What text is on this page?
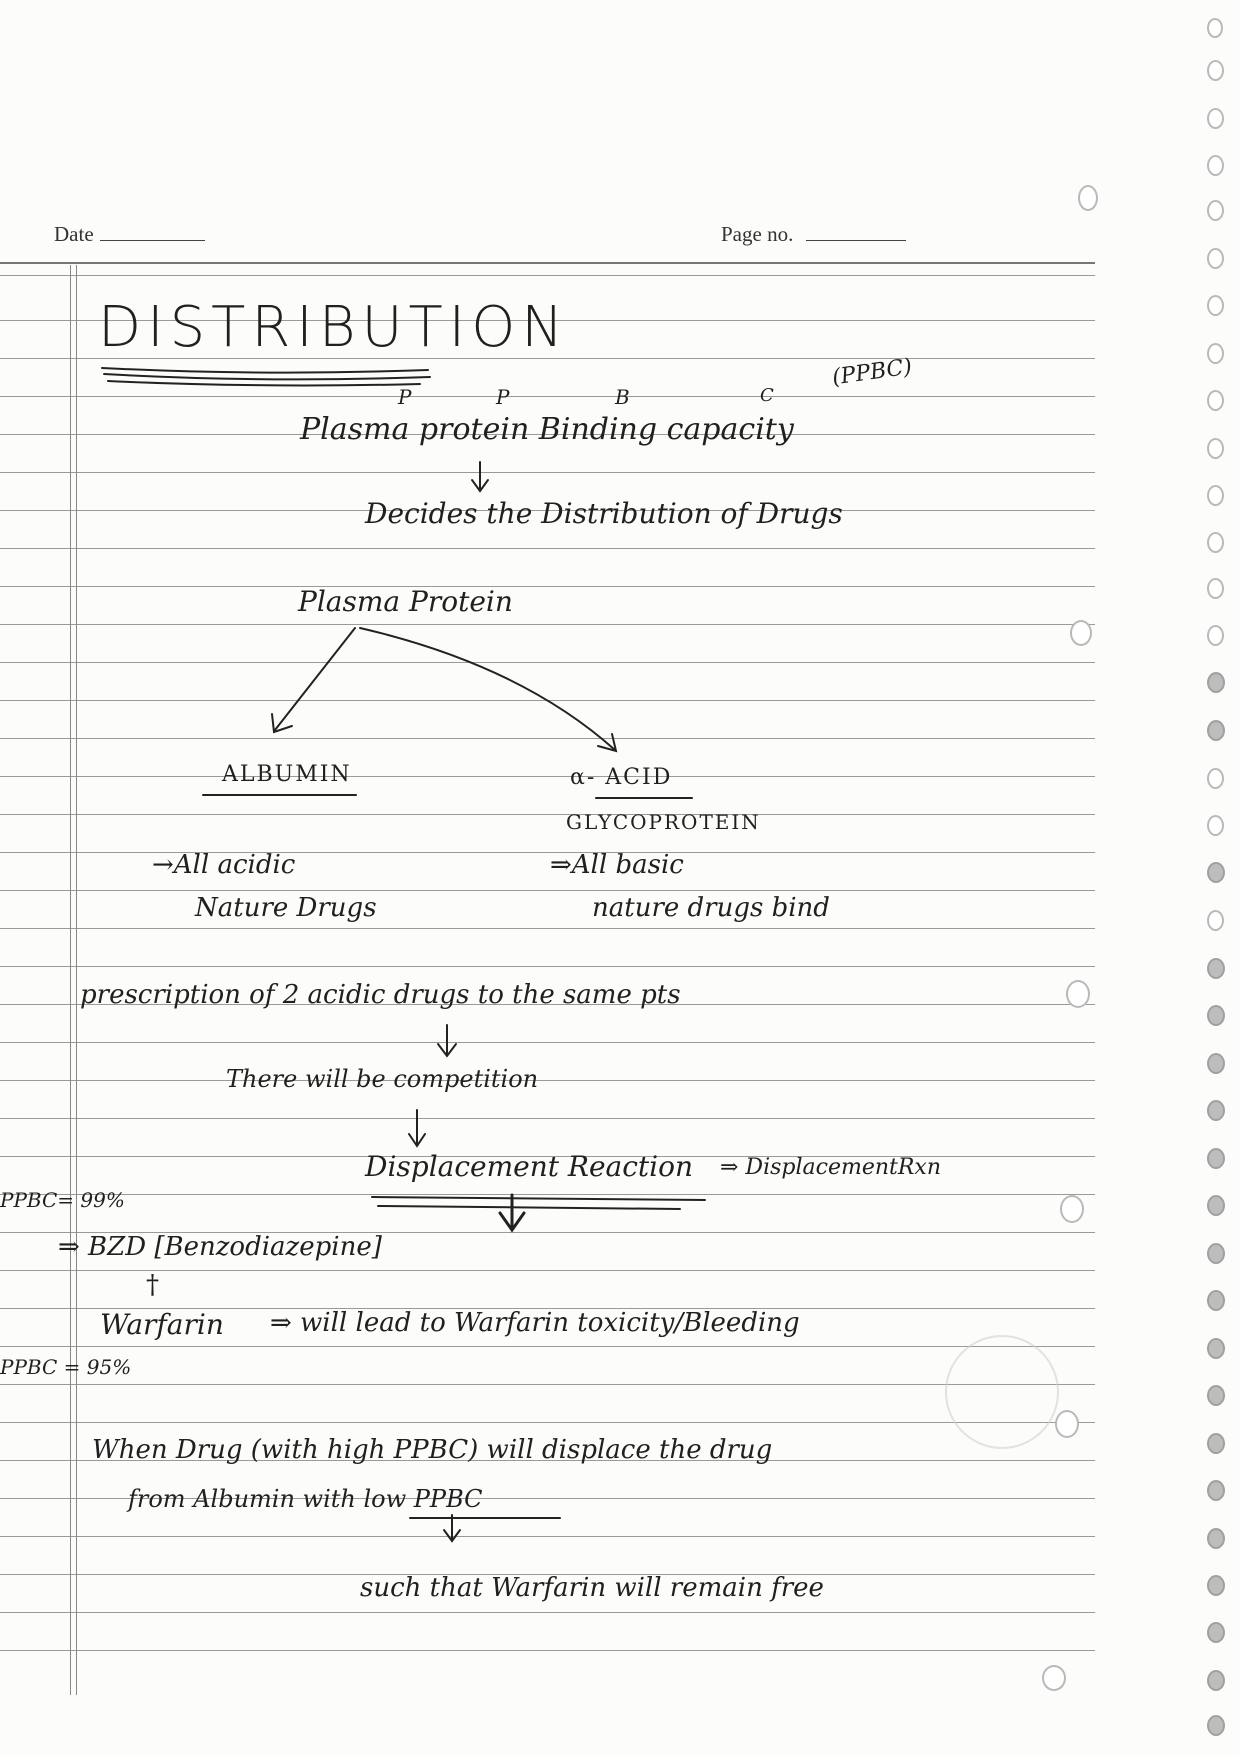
Date	Page no.
DISTRIBUTION
P	P	B	C
(PPBC)
Plasma protein Binding capacity
Decides the Distribution of Drugs
Plasma Protein
ALBUMIN
→All acidic
Nature Drugs
α- ACID
GLYCOPROTEIN
⇒All basic
nature drugs bind
prescription of 2 acidic drugs to the same pts
There will be competition
Displacement Reaction ⇒ DisplacementRxn
PPBC= 99%
⇒ BZD [Benzodiazepine]
†
Warfarin ⇒ will lead to Warfarin toxicity/Bleeding
PPBC = 95%
When Drug (with high PPBC) will displace the drug
from Albumin with low PPBC
such that Warfarin will remain free
